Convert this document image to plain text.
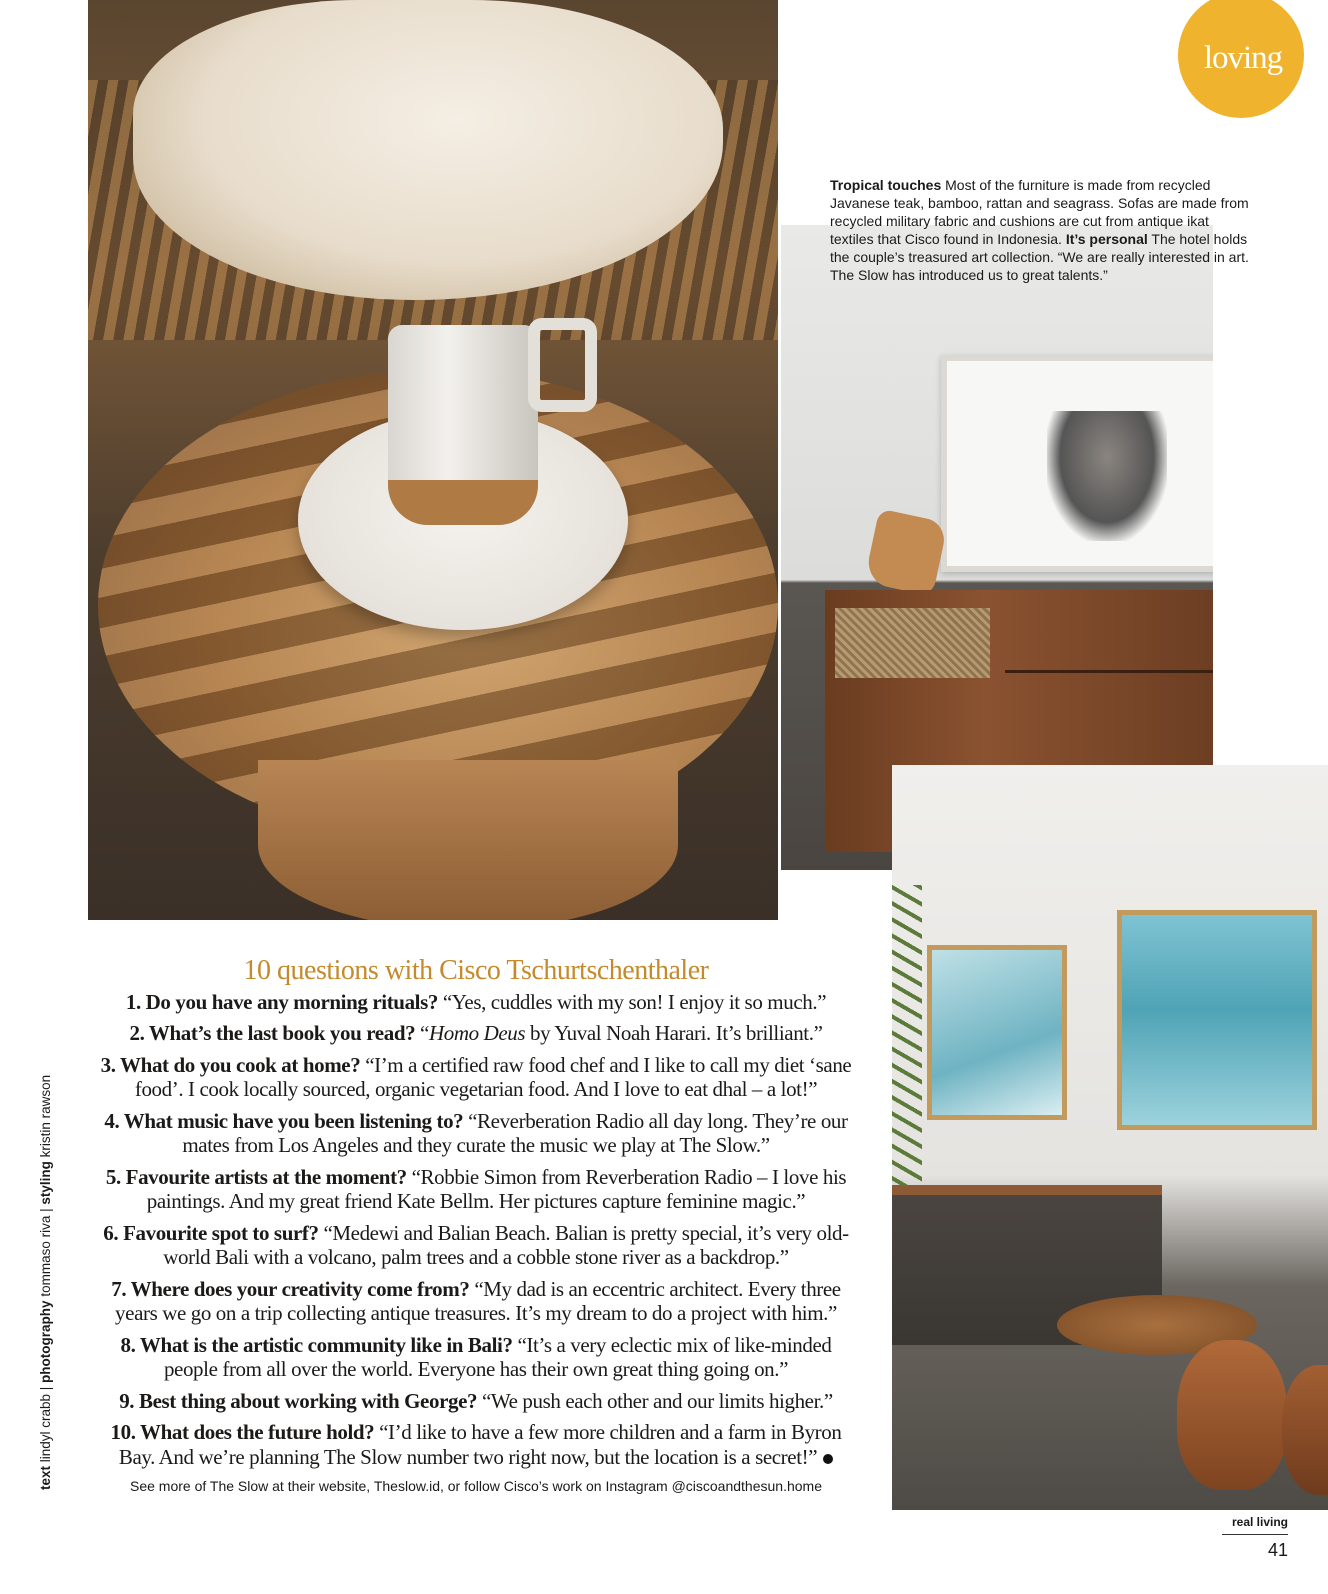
loving
Tropical touches Most of the furniture is made from recycled Javanese teak, bamboo, rattan and seagrass. Sofas are made from recycled military fabric and cushions are cut from antique ikat textiles that Cisco found in Indonesia. It’s personal The hotel holds the couple’s treasured art collection. “We are really interested in art. The Slow has introduced us to great talents.”
10 questions with Cisco Tschurtschenthaler
1. Do you have any morning rituals? “Yes, cuddles with my son! I enjoy it so much.”
2. What’s the last book you read? “Homo Deus by Yuval Noah Harari. It’s brilliant.”
3. What do you cook at home? “I’m a certified raw food chef and I like to call my diet ‘sane food’. I cook locally sourced, organic vegetarian food. And I love to eat dhal – a lot!”
4. What music have you been listening to? “Reverberation Radio all day long. They’re our mates from Los Angeles and they curate the music we play at The Slow.”
5. Favourite artists at the moment? “Robbie Simon from Reverberation Radio – I love his paintings. And my great friend Kate Bellm. Her pictures capture feminine magic.”
6. Favourite spot to surf? “Medewi and Balian Beach. Balian is pretty special, it’s very old-world Bali with a volcano, palm trees and a cobble stone river as a backdrop.”
7. Where does your creativity come from? “My dad is an eccentric architect. Every three years we go on a trip collecting antique treasures. It’s my dream to do a project with him.”
8. What is the artistic community like in Bali? “It’s a very eclectic mix of like-minded people from all over the world. Everyone has their own great thing going on.”
9. Best thing about working with George? “We push each other and our limits higher.”
10. What does the future hold? “I’d like to have a few more children and a farm in Byron Bay. And we’re planning The Slow number two right now, but the location is a secret!”
See more of The Slow at their website, Theslow.id, or follow Cisco’s work on Instagram @ciscoandthesun.home
text lindyl crabb | photography tommaso riva | styling kristin rawson
real living
41
